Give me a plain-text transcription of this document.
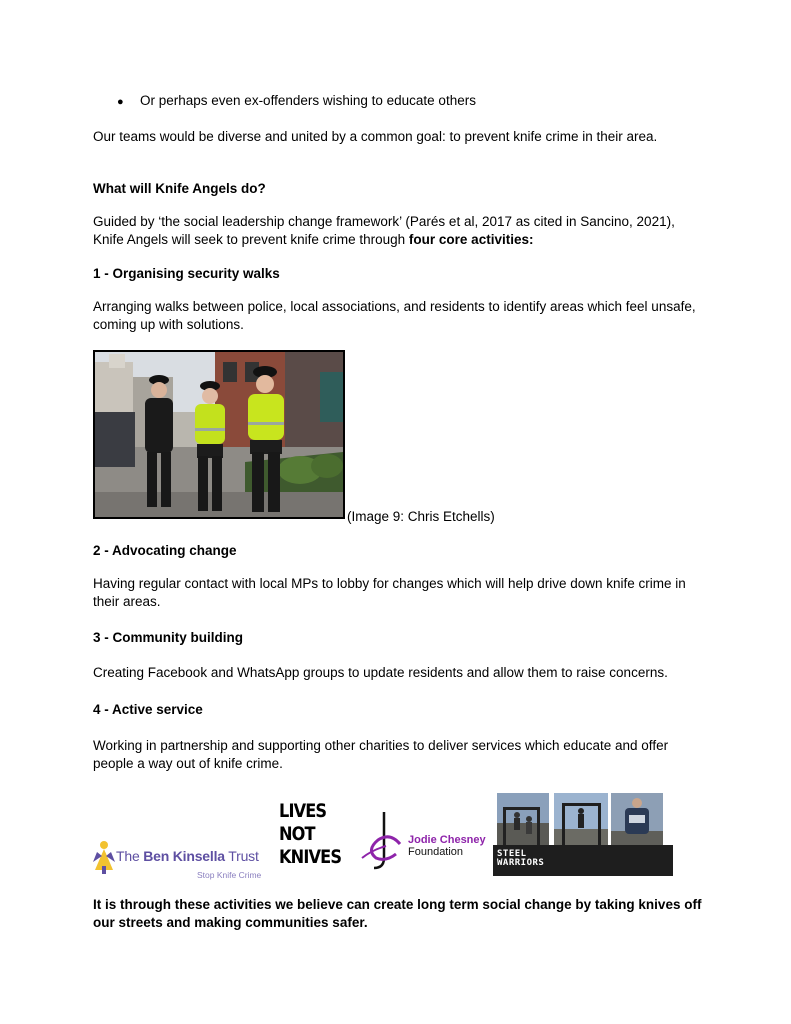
● Or perhaps even ex-offenders wishing to educate others
Our teams would be diverse and united by a common goal: to prevent knife crime in their area.
What will Knife Angels do?
Guided by ‘the social leadership change framework’ (Parés et al, 2017 as cited in Sancino, 2021), Knife Angels will seek to prevent knife crime through four core activities:
1 - Organising security walks
Arranging walks between police, local associations, and residents to identify areas which feel unsafe, coming up with solutions.
(Image 9: Chris Etchells)
2 - Advocating change
Having regular contact with local MPs to lobby for changes which will help drive down knife crime in their areas.
3 - Community building
Creating Facebook and WhatsApp groups to update residents and allow them to raise concerns.
4 - Active service
Working in partnership and supporting other charities to deliver services which educate and offer people a way out of knife crime.
The Ben Kinsella Trust
Stop Knife Crime
LIVES
NOT
KNIVES
Jodie Chesney
Foundation	STEEL
WARRIORS
It is through these activities we believe can create long term social change by taking knives off our streets and making communities safer.
